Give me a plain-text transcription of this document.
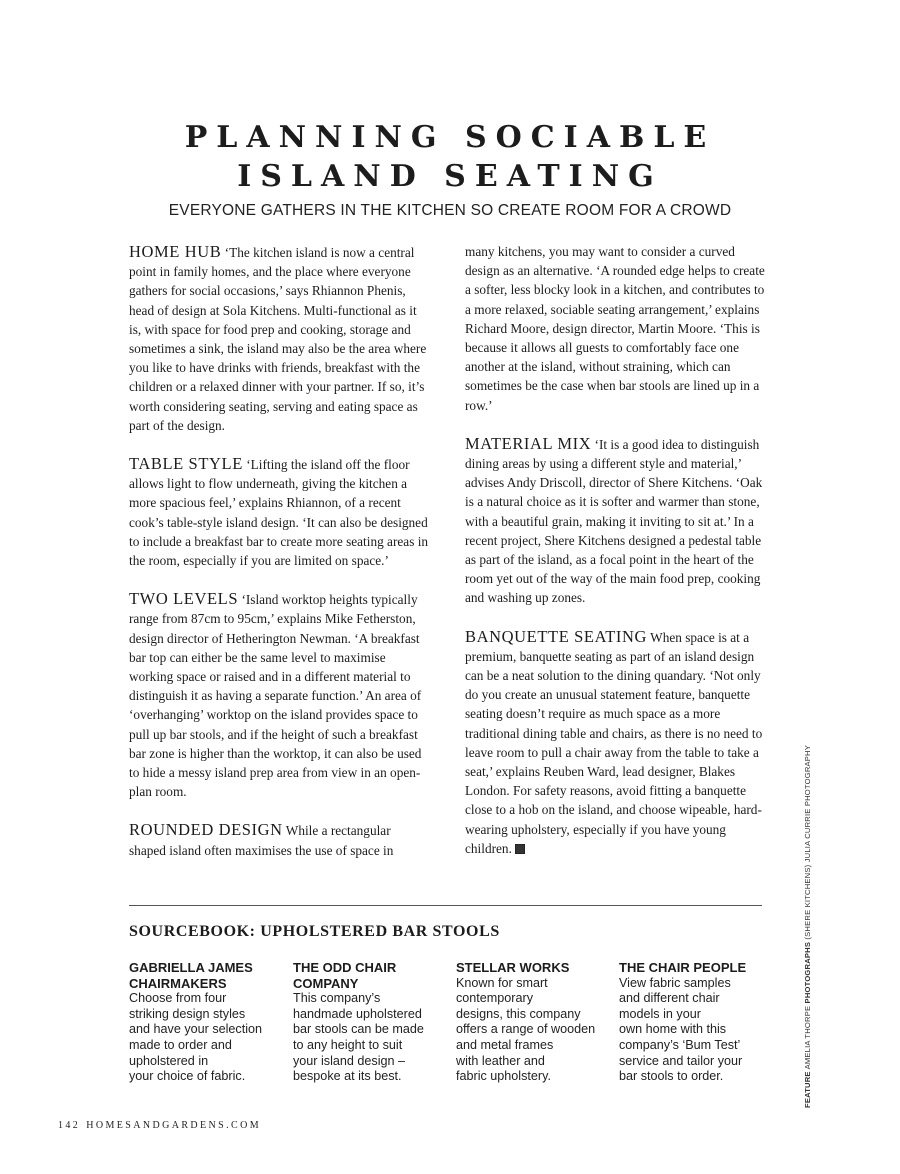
PLANNING SOCIABLE
ISLAND SEATING

EVERYONE GATHERS IN THE KITCHEN SO CREATE ROOM FOR A CROWD

HOME HUB ‘The kitchen island is now a central point in family homes, and the place where everyone gathers for social occasions,’ says Rhiannon Phenis, head of design at Sola Kitchens. Multi-functional as it is, with space for food prep and cooking, storage and sometimes a sink, the island may also be the area where you like to have drinks with friends, breakfast with the children or a relaxed dinner with your partner. If so, it’s worth considering seating, serving and eating space as part of the design.

TABLE STYLE ‘Lifting the island off the floor allows light to flow underneath, giving the kitchen a more spacious feel,’ explains Rhiannon, of a recent cook’s table-style island design. ‘It can also be designed to include a breakfast bar to create more seating areas in the room, especially if you are limited on space.’

TWO LEVELS ‘Island worktop heights typically range from 87cm to 95cm,’ explains Mike Fetherston, design director of Hetherington Newman. ‘A breakfast bar top can either be the same level to maximise working space or raised and in a different material to distinguish it as having a separate function.’ An area of ‘overhanging’ worktop on the island provides space to pull up bar stools, and if the height of such a breakfast bar zone is higher than the worktop, it can also be used to hide a messy island prep area from view in an open-plan room.

ROUNDED DESIGN While a rectangular shaped island often maximises the use of space in

many kitchens, you may want to consider a curved design as an alternative. ‘A rounded edge helps to create a softer, less blocky look in a kitchen, and contributes to a more relaxed, sociable seating arrangement,’ explains Richard Moore, design director, Martin Moore. ‘This is because it allows all guests to comfortably face one another at the island, without straining, which can sometimes be the case when bar stools are lined up in a row.’

MATERIAL MIX ‘It is a good idea to distinguish dining areas by using a different style and material,’ advises Andy Driscoll, director of Shere Kitchens. ‘Oak is a natural choice as it is softer and warmer than stone, with a beautiful grain, making it inviting to sit at.’ In a recent project, Shere Kitchens designed a pedestal table as part of the island, as a focal point in the heart of the room yet out of the way of the main food prep, cooking and washing up zones.

BANQUETTE SEATING When space is at a premium, banquette seating as part of an island design can be a neat solution to the dining quandary. ‘Not only do you create an unusual statement feature, banquette seating doesn’t require as much space as a more traditional dining table and chairs, as there is no need to leave room to pull a chair away from the table to take a seat,’ explains Reuben Ward, lead designer, Blakes London. For safety reasons, avoid fitting a banquette close to a hob on the island, and choose wipeable, hard-wearing upholstery, especially if you have young children.

SOURCEBOOK: UPHOLSTERED BAR STOOLS
GABRIELLA JAMES CHAIRMAKERS
Choose from four
striking design styles
and have your selection
made to order and
upholstered in
your choice of fabric.
THE ODD CHAIR COMPANY
This company’s
handmade upholstered
bar stools can be made
to any height to suit
your island design –
bespoke at its best.
STELLAR WORKS
Known for smart
contemporary
designs, this company
offers a range of wooden
and metal frames
with leather and
fabric upholstery.
THE CHAIR PEOPLE
View fabric samples
and different chair
models in your
own home with this
company’s ‘Bum Test’
service and tailor your
bar stools to order.
142 HOMESANDGARDENS.COM
FEATURE AMELIA THORPE PHOTOGRAPHS (SHERE KITCHENS) JULIA CURRIE PHOTOGRAPHY
